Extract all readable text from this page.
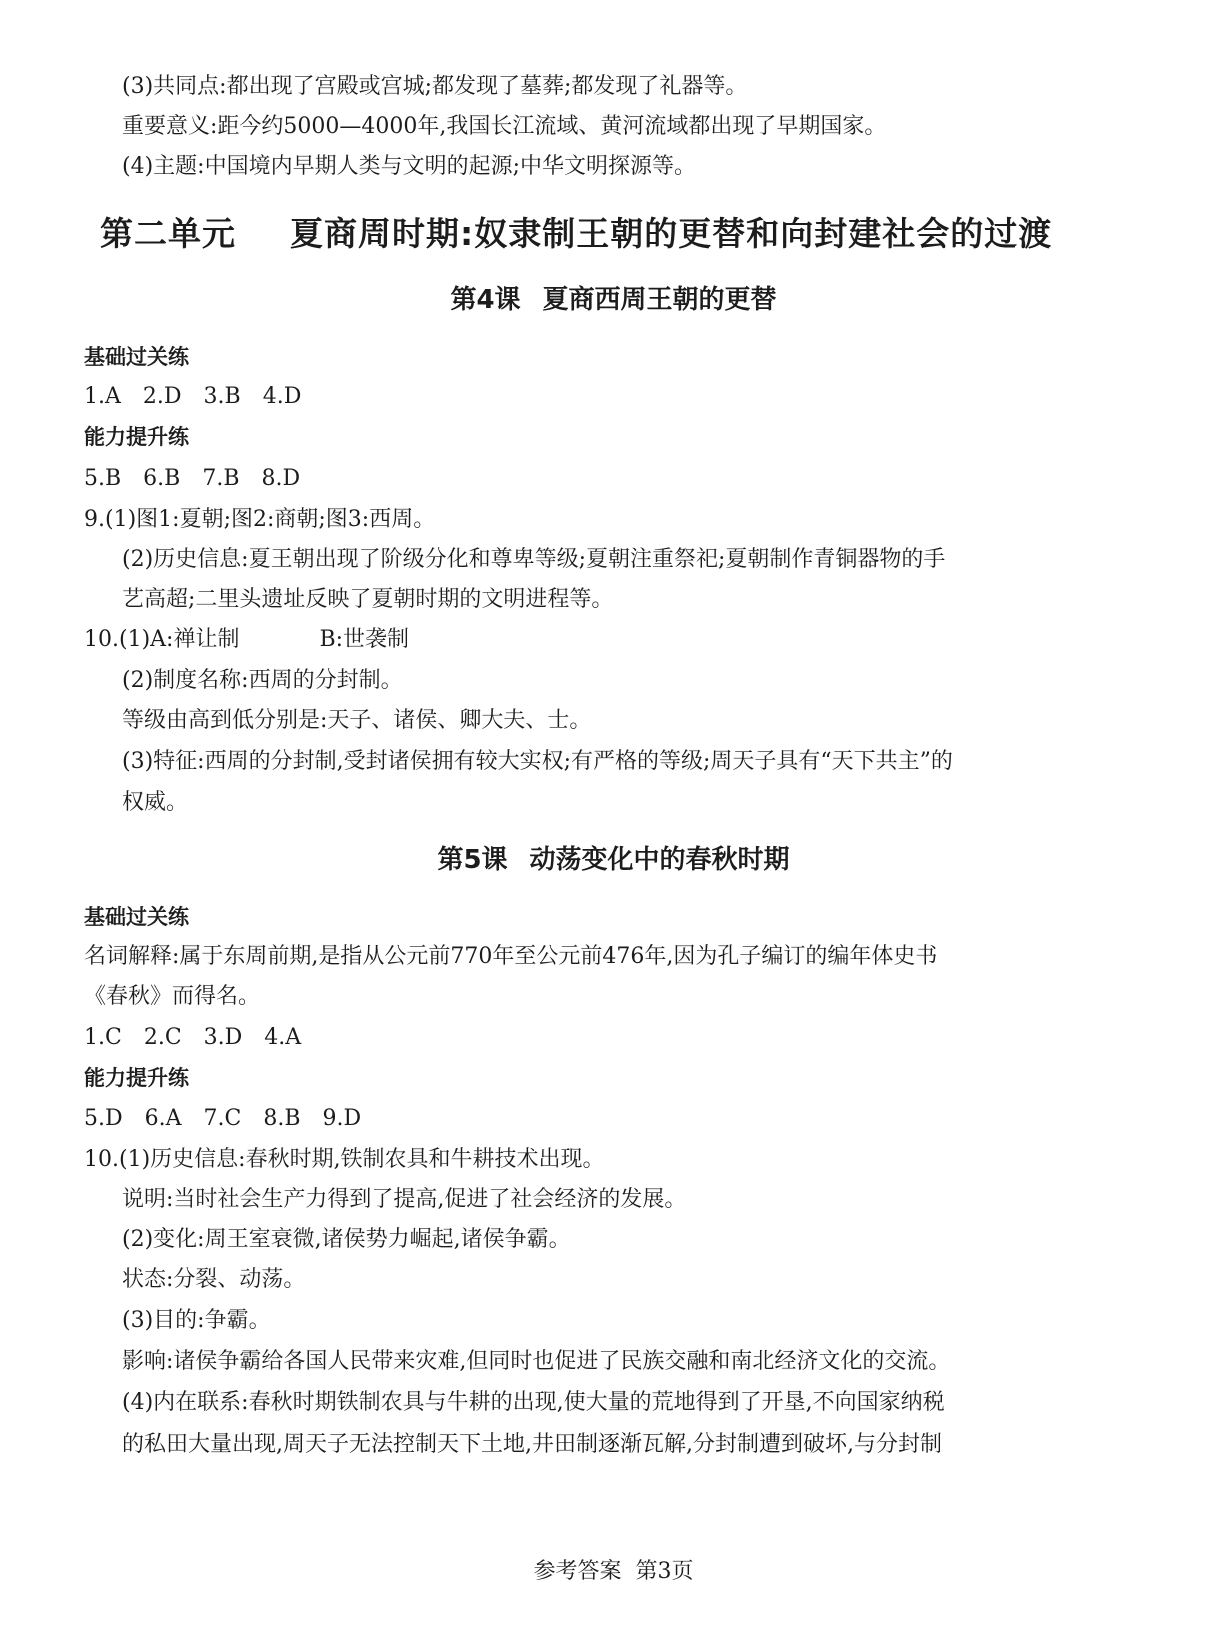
(3)共同点:都出现了宫殿或宫城;都发现了墓葬;都发现了礼器等。
重要意义:距今约5000—4000年,我国长江流域、黄河流域都出现了早期国家。
(4)主题:中国境内早期人类与文明的起源;中华文明探源等。
第二单元 夏商周时期:奴隶制王朝的更替和向封建社会的过渡
第4课 夏商西周王朝的更替
基础过关练
1.A 2.D 3.B 4.D
能力提升练
5.B 6.B 7.B 8.D
9.(1)图1:夏朝;图2:商朝;图3:西周。
(2)历史信息:夏王朝出现了阶级分化和尊卑等级;夏朝注重祭祀;夏朝制作青铜器物的手
艺高超;二里头遗址反映了夏朝时期的文明进程等。
10.(1)A:禅让制	B:世袭制
(2)制度名称:西周的分封制。
等级由高到低分别是:天子、诸侯、卿大夫、士。
(3)特征:西周的分封制,受封诸侯拥有较大实权;有严格的等级;周天子具有“天下共主”的
权威。
第5课 动荡变化中的春秋时期
基础过关练
名词解释:属于东周前期,是指从公元前770年至公元前476年,因为孔子编订的编年体史书
《春秋》而得名。
1.C 2.C 3.D 4.A
能力提升练
5.D 6.A 7.C 8.B 9.D
10.(1)历史信息:春秋时期,铁制农具和牛耕技术出现。
说明:当时社会生产力得到了提高,促进了社会经济的发展。
(2)变化:周王室衰微,诸侯势力崛起,诸侯争霸。
状态:分裂、动荡。
(3)目的:争霸。
影响:诸侯争霸给各国人民带来灾难,但同时也促进了民族交融和南北经济文化的交流。
(4)内在联系:春秋时期铁制农具与牛耕的出现,使大量的荒地得到了开垦,不向国家纳税
的私田大量出现,周天子无法控制天下土地,井田制逐渐瓦解,分封制遭到破坏,与分封制
参考答案 第3页
